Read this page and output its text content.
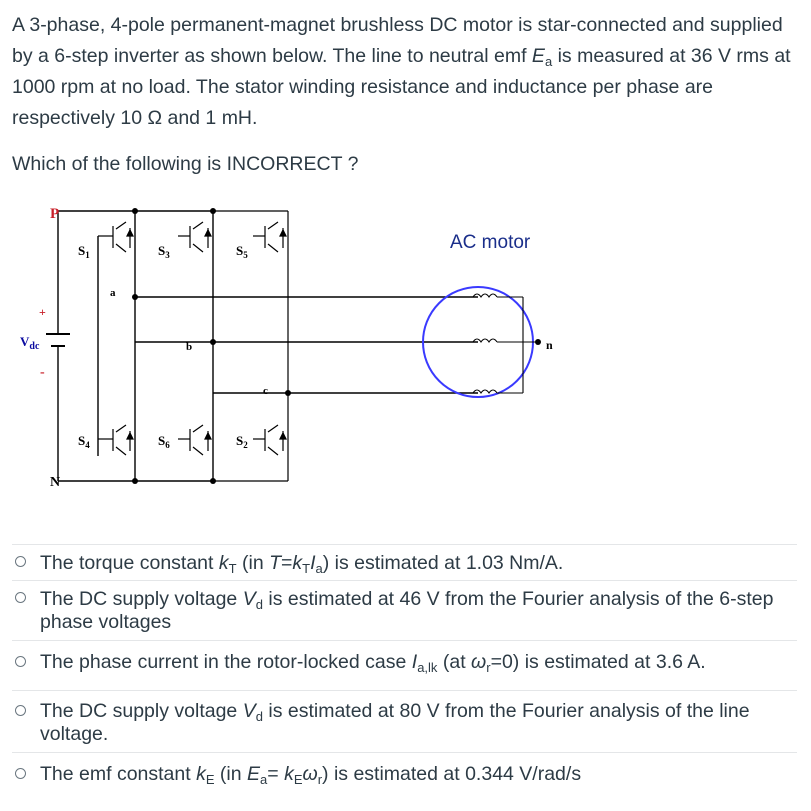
A 3-phase, 4-pole permanent-magnet brushless DC motor is star-connected and supplied by a 6-step inverter as shown below. The line to neutral emf $E_a$ is measured at 36 V rms at 1000 rpm at no load. The stator winding resistance and inductance per phase are respectively 10 Ω and 1 mH.

Which of the following is INCORRECT ?
P
N
$V_{dc}$
+
-
a
b
c
n
$S_1$	$S_3$	$S_5$
$S_4$	$S_6$	$S_2$
AC motor
The torque constant $k_T$ (in $T=k_TI_a$) is estimated at 1.03 Nm/A.
The DC supply voltage $V_d$ is estimated at 46 V from the Fourier analysis of the 6-step phase voltages
The phase current in the rotor-locked case $I_{a,lk}$ (at $\omega_r=0$) is estimated at 3.6 A.
The DC supply voltage $V_d$ is estimated at 80 V from the Fourier analysis of the line voltage.
The emf constant $k_E$ (in $E_a= k_E\omega_r$) is estimated at 0.344 V/rad/s
